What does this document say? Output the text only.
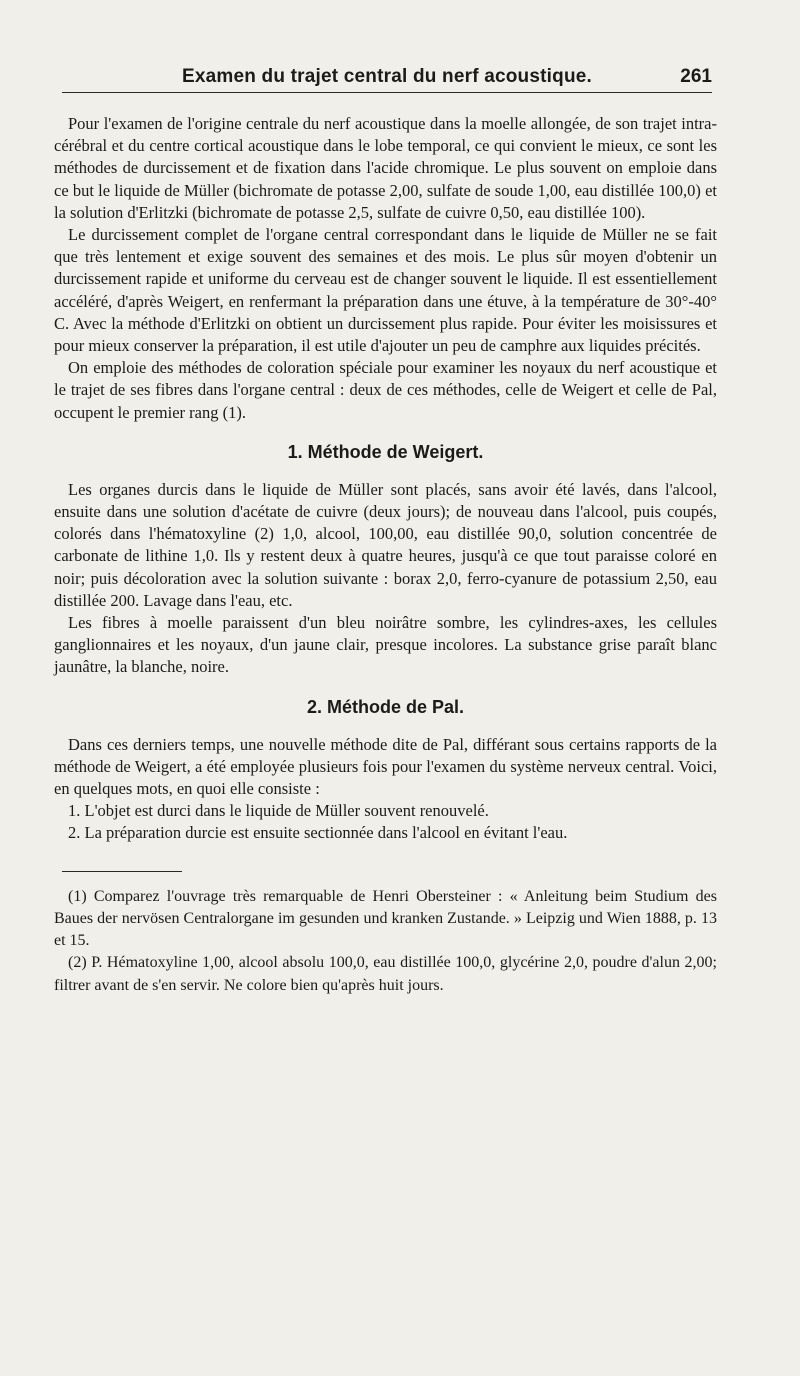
Examen du trajet central du nerf acoustique.	261

Pour l'examen de l'origine centrale du nerf acoustique dans la moelle allongée, de son trajet intra-cérébral et du centre cortical acoustique dans le lobe temporal, ce qui convient le mieux, ce sont les méthodes de durcissement et de fixation dans l'acide chromique. Le plus souvent on emploie dans ce but le liquide de Müller (bichromate de potasse 2,00, sulfate de soude 1,00, eau distillée 100,0) et la solution d'Erlitzki (bichromate de potasse 2,5, sulfate de cuivre 0,50, eau distillée 100).

Le durcissement complet de l'organe central correspondant dans le liquide de Müller ne se fait que très lentement et exige souvent des semaines et des mois. Le plus sûr moyen d'obtenir un durcissement rapide et uniforme du cerveau est de changer souvent le liquide. Il est essentiellement accéléré, d'après Weigert, en renfermant la préparation dans une étuve, à la température de 30°-40° C. Avec la méthode d'Erlitzki on obtient un durcissement plus rapide. Pour éviter les moisissures et pour mieux conserver la préparation, il est utile d'ajouter un peu de camphre aux liquides précités.

On emploie des méthodes de coloration spéciale pour examiner les noyaux du nerf acoustique et le trajet de ses fibres dans l'organe central : deux de ces méthodes, celle de Weigert et celle de Pal, occupent le premier rang (1).

1. Méthode de Weigert.

Les organes durcis dans le liquide de Müller sont placés, sans avoir été lavés, dans l'alcool, ensuite dans une solution d'acétate de cuivre (deux jours); de nouveau dans l'alcool, puis coupés, colorés dans l'hématoxyline (2) 1,0, alcool, 100,00, eau distillée 90,0, solution concentrée de carbonate de lithine 1,0. Ils y restent deux à quatre heures, jusqu'à ce que tout paraisse coloré en noir; puis décoloration avec la solution suivante : borax 2,0, ferro-cyanure de potassium 2,50, eau distillée 200. Lavage dans l'eau, etc.

Les fibres à moelle paraissent d'un bleu noirâtre sombre, les cylindres-axes, les cellules ganglionnaires et les noyaux, d'un jaune clair, presque incolores. La substance grise paraît blanc jaunâtre, la blanche, noire.

2. Méthode de Pal.

Dans ces derniers temps, une nouvelle méthode dite de Pal, différant sous certains rapports de la méthode de Weigert, a été employée plusieurs fois pour l'examen du système nerveux central. Voici, en quelques mots, en quoi elle consiste :

1. L'objet est durci dans le liquide de Müller souvent renouvelé.

2. La préparation durcie est ensuite sectionnée dans l'alcool en évitant l'eau.

(1) Comparez l'ouvrage très remarquable de Henri Obersteiner : « Anleitung beim Studium des Baues der nervösen Centralorgane im gesunden und kranken Zustande. » Leipzig und Wien 1888, p. 13 et 15.

(2) P. Hématoxyline 1,00, alcool absolu 100,0, eau distillée 100,0, glycérine 2,0, poudre d'alun 2,00; filtrer avant de s'en servir. Ne colore bien qu'après huit jours.
